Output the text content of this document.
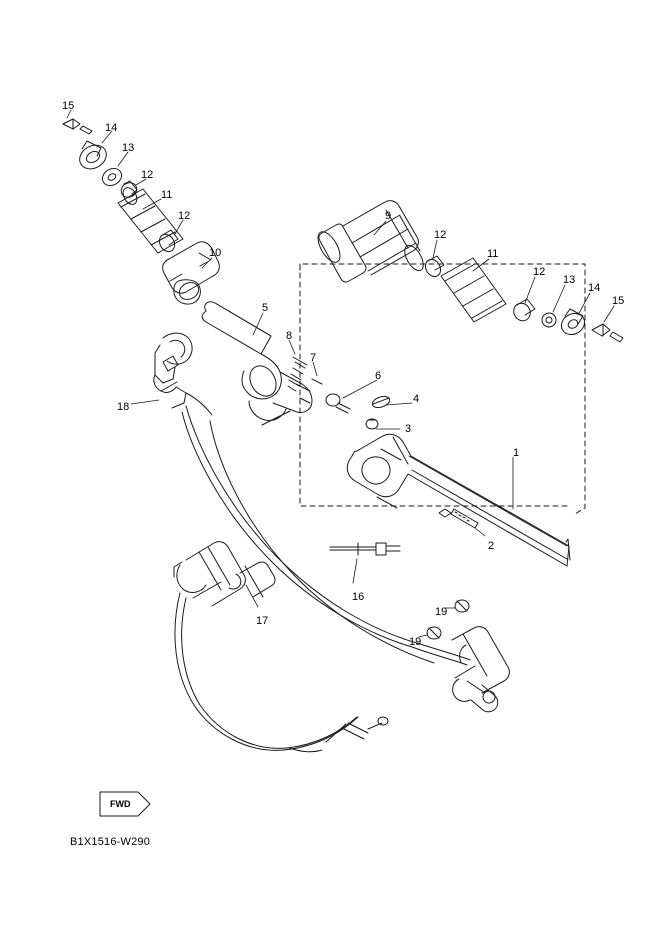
15
14
13
12
11
12
10
9
12
11
12
13
14
15
5
8
7
6
4
3
1
2
18
17
16
19
19
FWD
B1X1516-W290
